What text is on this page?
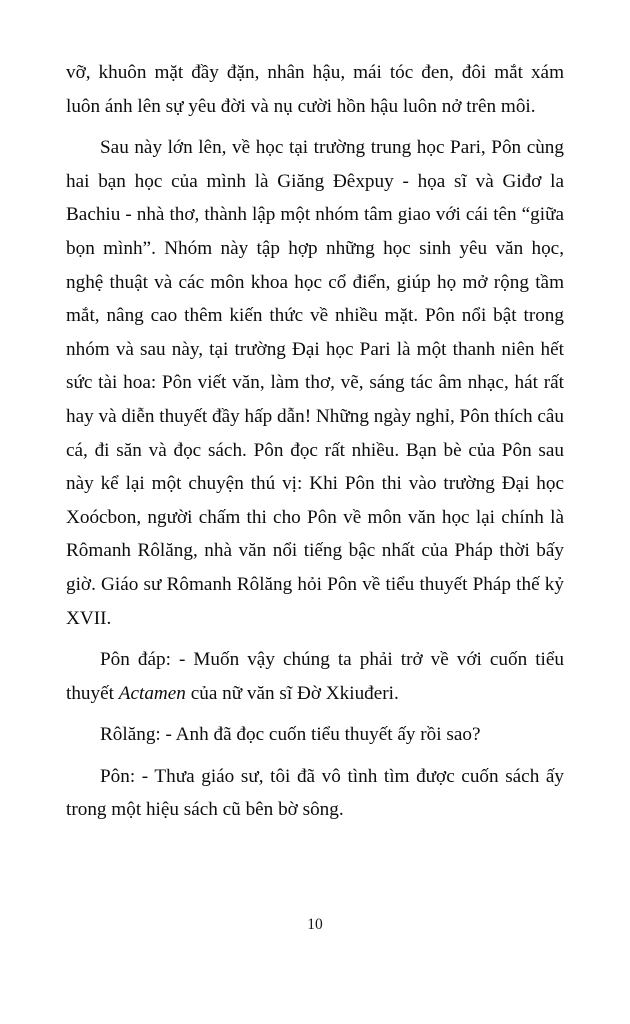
vỡ, khuôn mặt đầy đặn, nhân hậu, mái tóc đen, đôi mắt xám luôn ánh lên sự yêu đời và nụ cười hồn hậu luôn nở trên môi.

Sau này lớn lên, về học tại trường trung học Pari, Pôn cùng hai bạn học của mình là Giăng Đêxpuy - họa sĩ và Giđơ la Bachiu - nhà thơ, thành lập một nhóm tâm giao với cái tên “giữa bọn mình”. Nhóm này tập hợp những học sinh yêu văn học, nghệ thuật và các môn khoa học cổ điển, giúp họ mở rộng tầm mắt, nâng cao thêm kiến thức về nhiều mặt. Pôn nổi bật trong nhóm và sau này, tại trường Đại học Pari là một thanh niên hết sức tài hoa: Pôn viết văn, làm thơ, vẽ, sáng tác âm nhạc, hát rất hay và diễn thuyết đầy hấp dẫn! Những ngày nghỉ, Pôn thích câu cá, đi săn và đọc sách. Pôn đọc rất nhiều. Bạn bè của Pôn sau này kể lại một chuyện thú vị: Khi Pôn thi vào trường Đại học Xoócbon, người chấm thi cho Pôn về môn văn học lại chính là Rômanh Rôlăng, nhà văn nổi tiếng bậc nhất của Pháp thời bấy giờ. Giáo sư Rômanh Rôlăng hỏi Pôn về tiểu thuyết Pháp thế kỷ XVII.

Pôn đáp: - Muốn vậy chúng ta phải trở về với cuốn tiểu thuyết Actamen của nữ văn sĩ Đờ Xkiuđeri.

Rôlăng: - Anh đã đọc cuốn tiểu thuyết ấy rồi sao?

Pôn: - Thưa giáo sư, tôi đã vô tình tìm được cuốn sách ấy trong một hiệu sách cũ bên bờ sông.

10
